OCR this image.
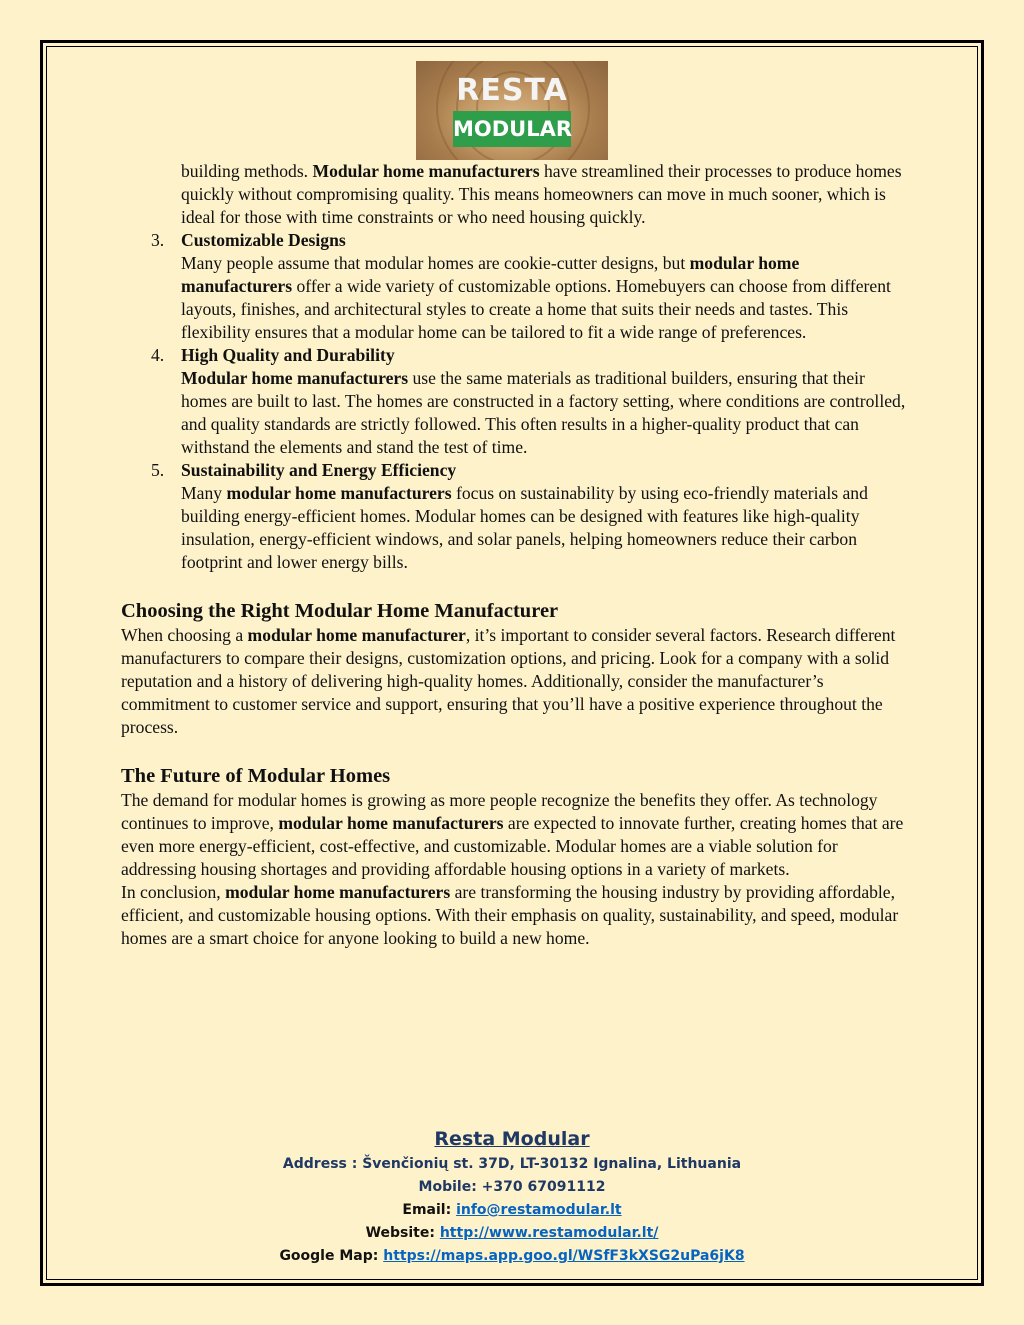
RESTA
MODULAR

building methods. Modular home manufacturers have streamlined their processes to produce homes quickly without compromising quality. This means homeowners can move in much sooner, which is ideal for those with time constraints or who need housing quickly.

3. Customizable Designs

Many people assume that modular homes are cookie-cutter designs, but modular home manufacturers offer a wide variety of customizable options. Homebuyers can choose from different layouts, finishes, and architectural styles to create a home that suits their needs and tastes. This flexibility ensures that a modular home can be tailored to fit a wide range of preferences.

4. High Quality and Durability

Modular home manufacturers use the same materials as traditional builders, ensuring that their homes are built to last. The homes are constructed in a factory setting, where conditions are controlled, and quality standards are strictly followed. This often results in a higher-quality product that can withstand the elements and stand the test of time.

5. Sustainability and Energy Efficiency

Many modular home manufacturers focus on sustainability by using eco-friendly materials and building energy-efficient homes. Modular homes can be designed with features like high-quality insulation, energy-efficient windows, and solar panels, helping homeowners reduce their carbon footprint and lower energy bills.

Choosing the Right Modular Home Manufacturer

When choosing a modular home manufacturer, it’s important to consider several factors. Research different manufacturers to compare their designs, customization options, and pricing. Look for a company with a solid reputation and a history of delivering high-quality homes. Additionally, consider the manufacturer’s commitment to customer service and support, ensuring that you’ll have a positive experience throughout the process.

The Future of Modular Homes

The demand for modular homes is growing as more people recognize the benefits they offer. As technology continues to improve, modular home manufacturers are expected to innovate further, creating homes that are even more energy-efficient, cost-effective, and customizable. Modular homes are a viable solution for addressing housing shortages and providing affordable housing options in a variety of markets.

In conclusion, modular home manufacturers are transforming the housing industry by providing affordable, efficient, and customizable housing options. With their emphasis on quality, sustainability, and speed, modular homes are a smart choice for anyone looking to build a new home.

Resta Modular
Address : Švenčionių st. 37D, LT-30132 Ignalina, Lithuania
Mobile: +370 67091112
Email: info@restamodular.lt
Website: http://www.restamodular.lt/
Google Map: https://maps.app.goo.gl/WSfF3kXSG2uPa6jK8
